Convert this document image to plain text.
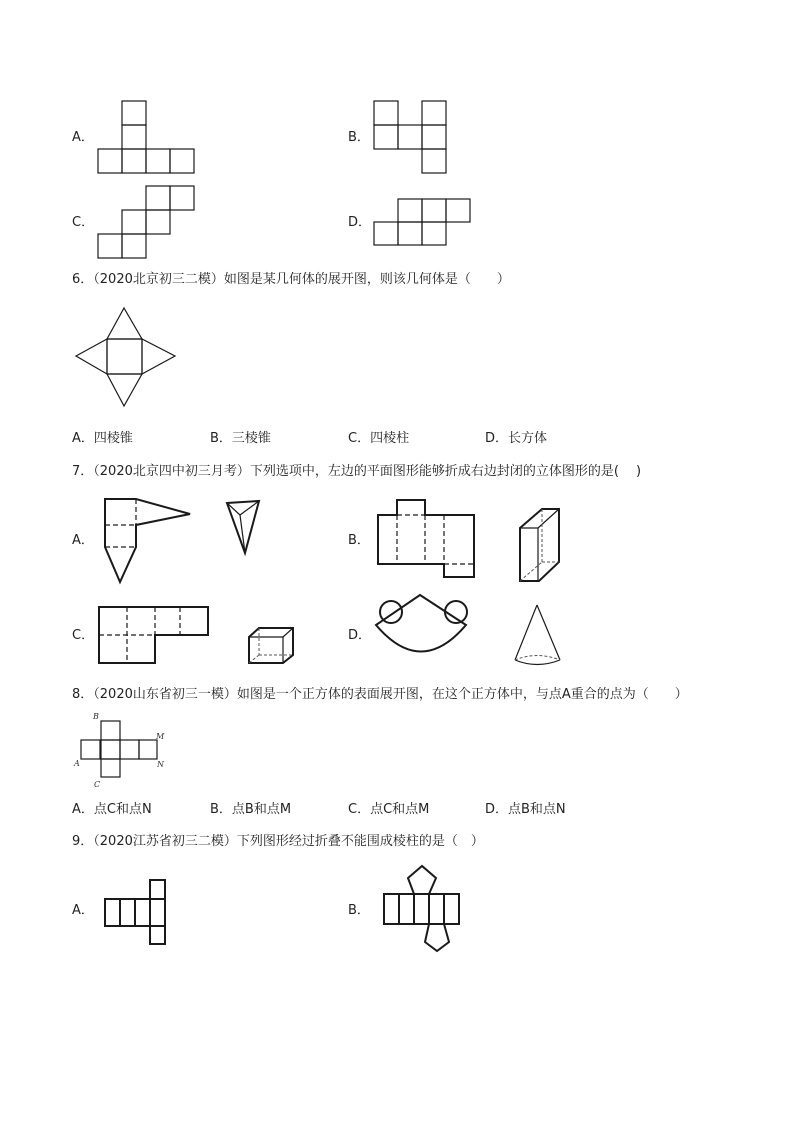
A．	B．
C．	D．
6．（2020北京初三二模）如图是某几何体的展开图，则该几何体是（　　）
A．四棱锥	B．三棱锥	C．四棱柱	D．长方体
7．（2020北京四中初三月考）下列选项中，左边的平面图形能够折成右边封闭的立体图形的是(　 )
A．	B．
C．	D．
8．（2020山东省初三一模）如图是一个正方体的表面展开图，在这个正方体中，与点A重合的点为（　　）
B
M
A	N
C
A．点C和点N	B．点B和点M	C．点C和点M	D．点B和点N
9．（2020江苏省初三二模）下列图形经过折叠不能围成棱柱的是（　）
A．	B．
